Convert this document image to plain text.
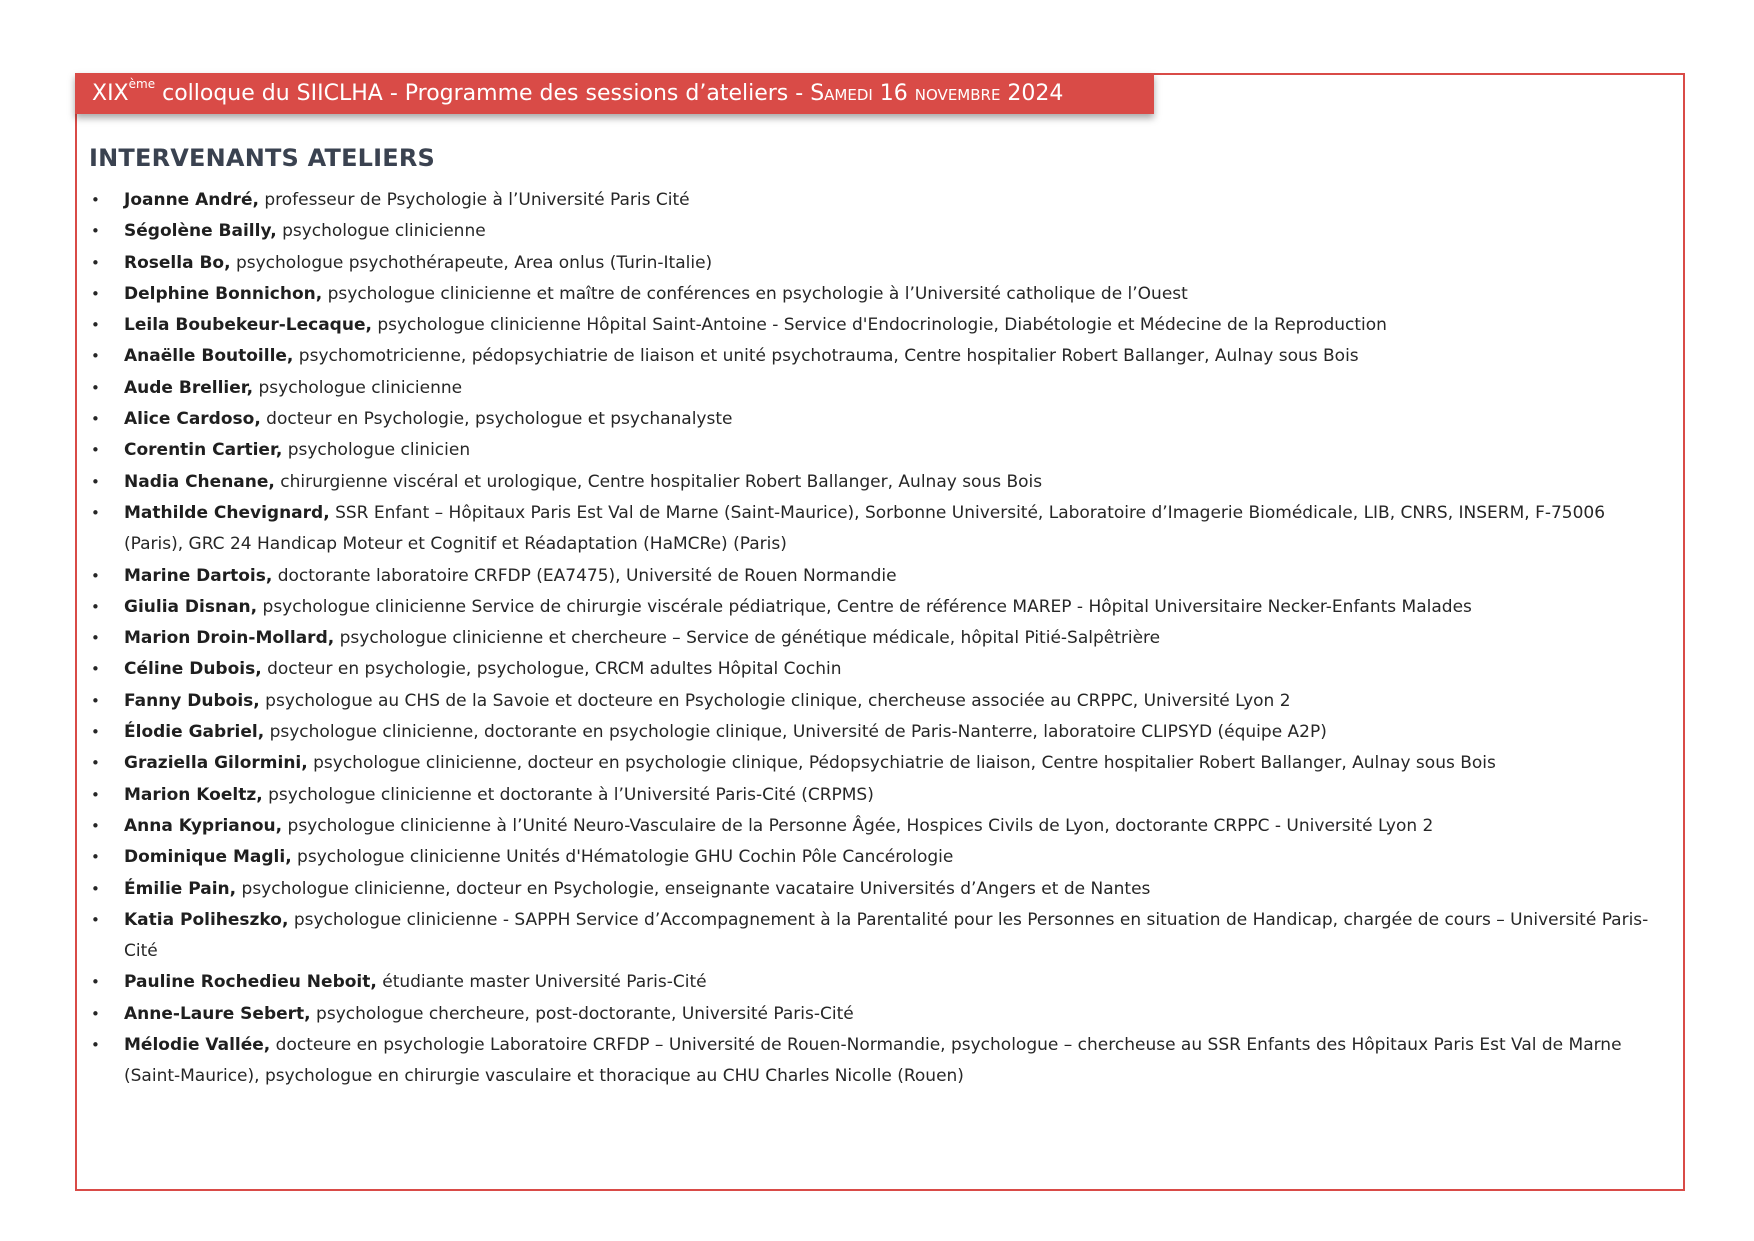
XIXème colloque du SIICLHA - Programme des sessions d’ateliers - Samedi 16 novembre 2024
INTERVENANTS ATELIERS
• Joanne André, professeur de Psychologie à l’Université Paris Cité
• Ségolène Bailly, psychologue clinicienne
• Rosella Bo, psychologue psychothérapeute, Area onlus (Turin-Italie)
• Delphine Bonnichon, psychologue clinicienne et maître de conférences en psychologie à l’Université catholique de l’Ouest
• Leila Boubekeur-Lecaque, psychologue clinicienne Hôpital Saint-Antoine - Service d'Endocrinologie, Diabétologie et Médecine de la Reproduction
• Anaëlle Boutoille, psychomotricienne, pédopsychiatrie de liaison et unité psychotrauma, Centre hospitalier Robert Ballanger, Aulnay sous Bois
• Aude Brellier, psychologue clinicienne
• Alice Cardoso, docteur en Psychologie, psychologue et psychanalyste
• Corentin Cartier, psychologue clinicien
• Nadia Chenane, chirurgienne viscéral et urologique, Centre hospitalier Robert Ballanger, Aulnay sous Bois
• Mathilde Chevignard, SSR Enfant – Hôpitaux Paris Est Val de Marne (Saint-Maurice), Sorbonne Université, Laboratoire d’Imagerie Biomédicale, LIB, CNRS, INSERM, F-75006 (Paris), GRC 24 Handicap Moteur et Cognitif et Réadaptation (HaMCRe) (Paris)
• Marine Dartois, doctorante laboratoire CRFDP (EA7475), Université de Rouen Normandie
• Giulia Disnan, psychologue clinicienne Service de chirurgie viscérale pédiatrique, Centre de référence MAREP - Hôpital Universitaire Necker-Enfants Malades
• Marion Droin-Mollard, psychologue clinicienne et chercheure – Service de génétique médicale, hôpital Pitié-Salpêtrière
• Céline Dubois, docteur en psychologie, psychologue, CRCM adultes Hôpital Cochin
• Fanny Dubois, psychologue au CHS de la Savoie et docteure en Psychologie clinique, chercheuse associée au CRPPC, Université Lyon 2
• Élodie Gabriel, psychologue clinicienne, doctorante en psychologie clinique, Université de Paris-Nanterre, laboratoire CLIPSYD (équipe A2P)
• Graziella Gilormini, psychologue clinicienne, docteur en psychologie clinique, Pédopsychiatrie de liaison, Centre hospitalier Robert Ballanger, Aulnay sous Bois
• Marion Koeltz, psychologue clinicienne et doctorante à l’Université Paris-Cité (CRPMS)
• Anna Kyprianou, psychologue clinicienne à l’Unité Neuro-Vasculaire de la Personne Âgée, Hospices Civils de Lyon, doctorante CRPPC - Université Lyon 2
• Dominique Magli, psychologue clinicienne Unités d'Hématologie GHU Cochin Pôle Cancérologie
• Émilie Pain, psychologue clinicienne, docteur en Psychologie, enseignante vacataire Universités d’Angers et de Nantes
• Katia Poliheszko, psychologue clinicienne - SAPPH Service d’Accompagnement à la Parentalité pour les Personnes en situation de Handicap, chargée de cours – Université Paris-Cité
• Pauline Rochedieu Neboit, étudiante master Université Paris-Cité
• Anne-Laure Sebert, psychologue chercheure, post-doctorante, Université Paris-Cité
• Mélodie Vallée, docteure en psychologie Laboratoire CRFDP – Université de Rouen-Normandie, psychologue – chercheuse au SSR Enfants des Hôpitaux Paris Est Val de Marne (Saint-Maurice), psychologue en chirurgie vasculaire et thoracique au CHU Charles Nicolle (Rouen)
